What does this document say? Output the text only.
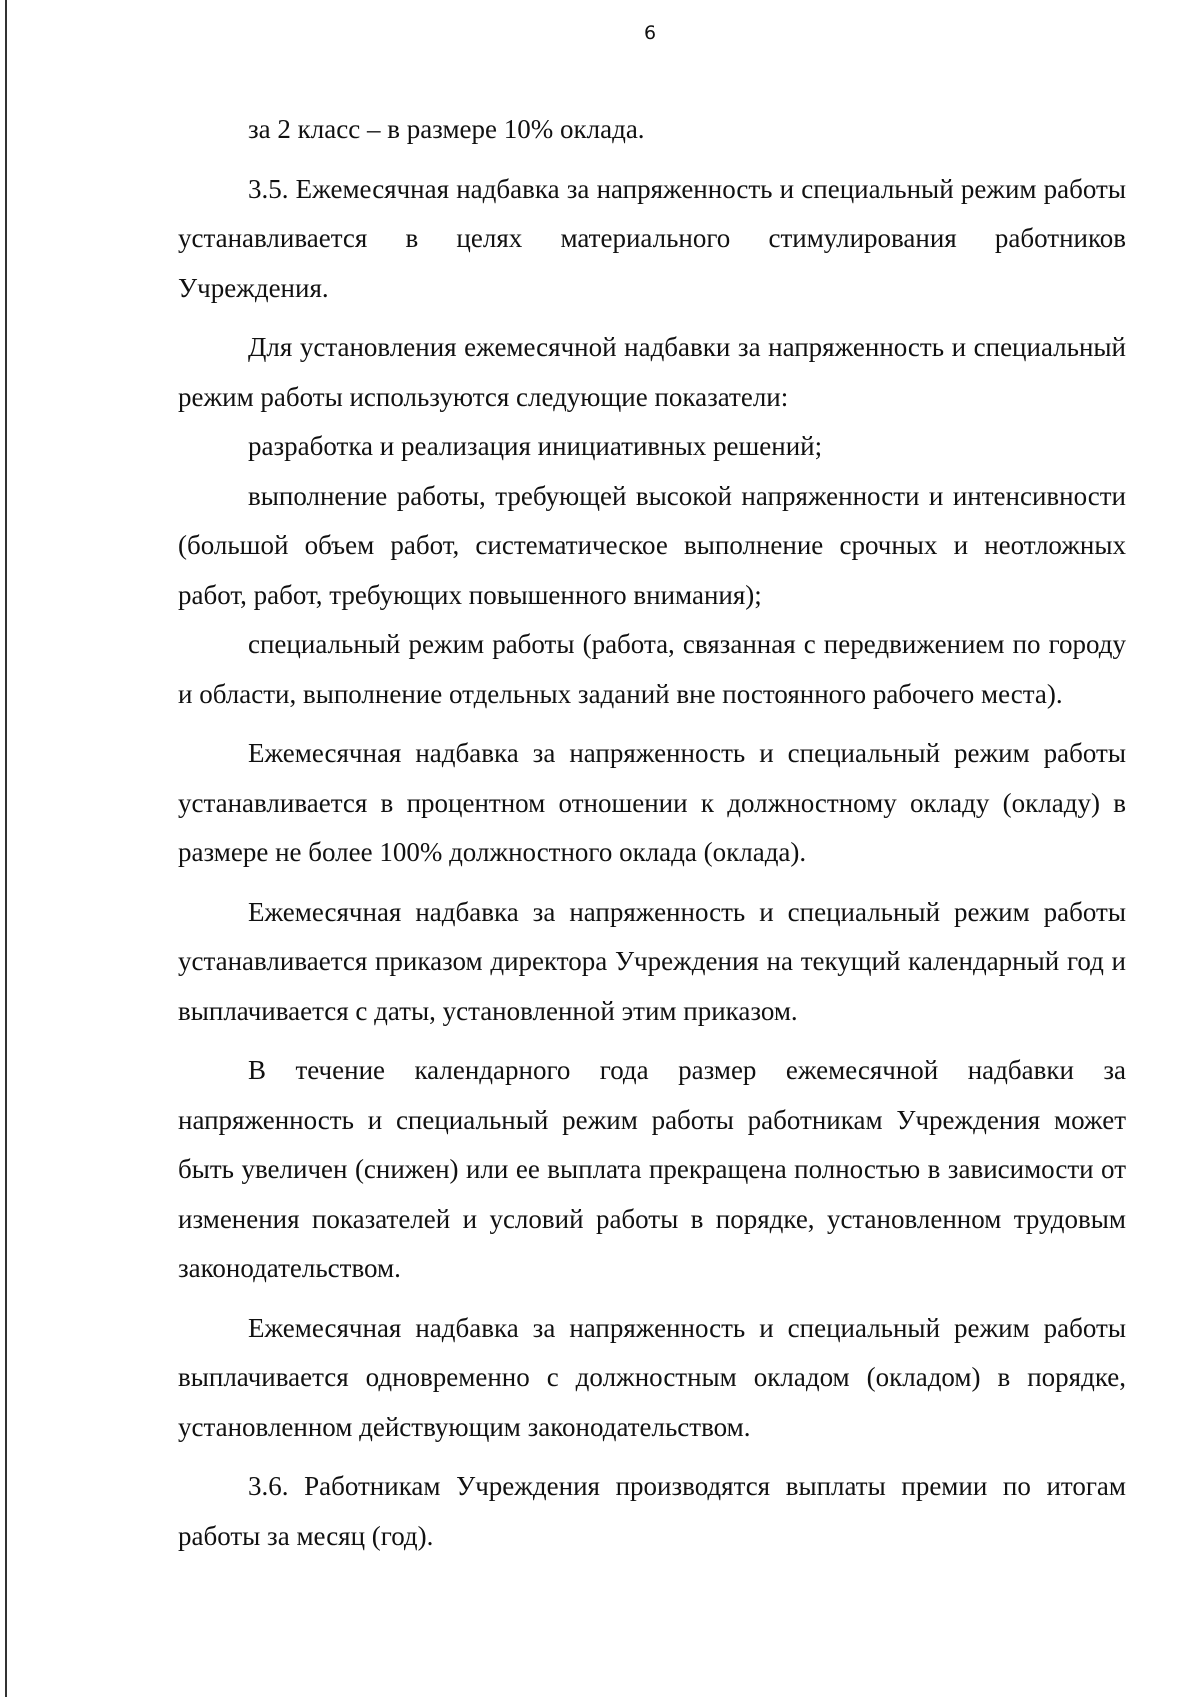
6

за 2 класс – в размере 10% оклада.

3.5. Ежемесячная надбавка за напряженность и специальный режим работы устанавливается в целях материального стимулирования работников Учреждения.

Для установления ежемесячной надбавки за напряженность и специальный режим работы используются следующие показатели:

разработка и реализация инициативных решений;

выполнение работы, требующей высокой напряженности и интенсивности (большой объем работ, систематическое выполнение срочных и неотложных работ, работ, требующих повышенного внимания);

специальный режим работы (работа, связанная с передвижением по городу и области, выполнение отдельных заданий вне постоянного рабочего места).

Ежемесячная надбавка за напряженность и специальный режим работы устанавливается в процентном отношении к должностному окладу (окладу) в размере не более 100% должностного оклада (оклада).

Ежемесячная надбавка за напряженность и специальный режим работы устанавливается приказом директора Учреждения на текущий календарный год и выплачивается с даты, установленной этим приказом.

В течение календарного года размер ежемесячной надбавки за напряженность и специальный режим работы работникам Учреждения может быть увеличен (снижен) или ее выплата прекращена полностью в зависимости от изменения показателей и условий работы в порядке, установленном трудовым законодательством.

Ежемесячная надбавка за напряженность и специальный режим работы выплачивается одновременно с должностным окладом (окладом) в порядке, установленном действующим законодательством.

3.6. Работникам Учреждения производятся выплаты премии по итогам работы за месяц (год).
